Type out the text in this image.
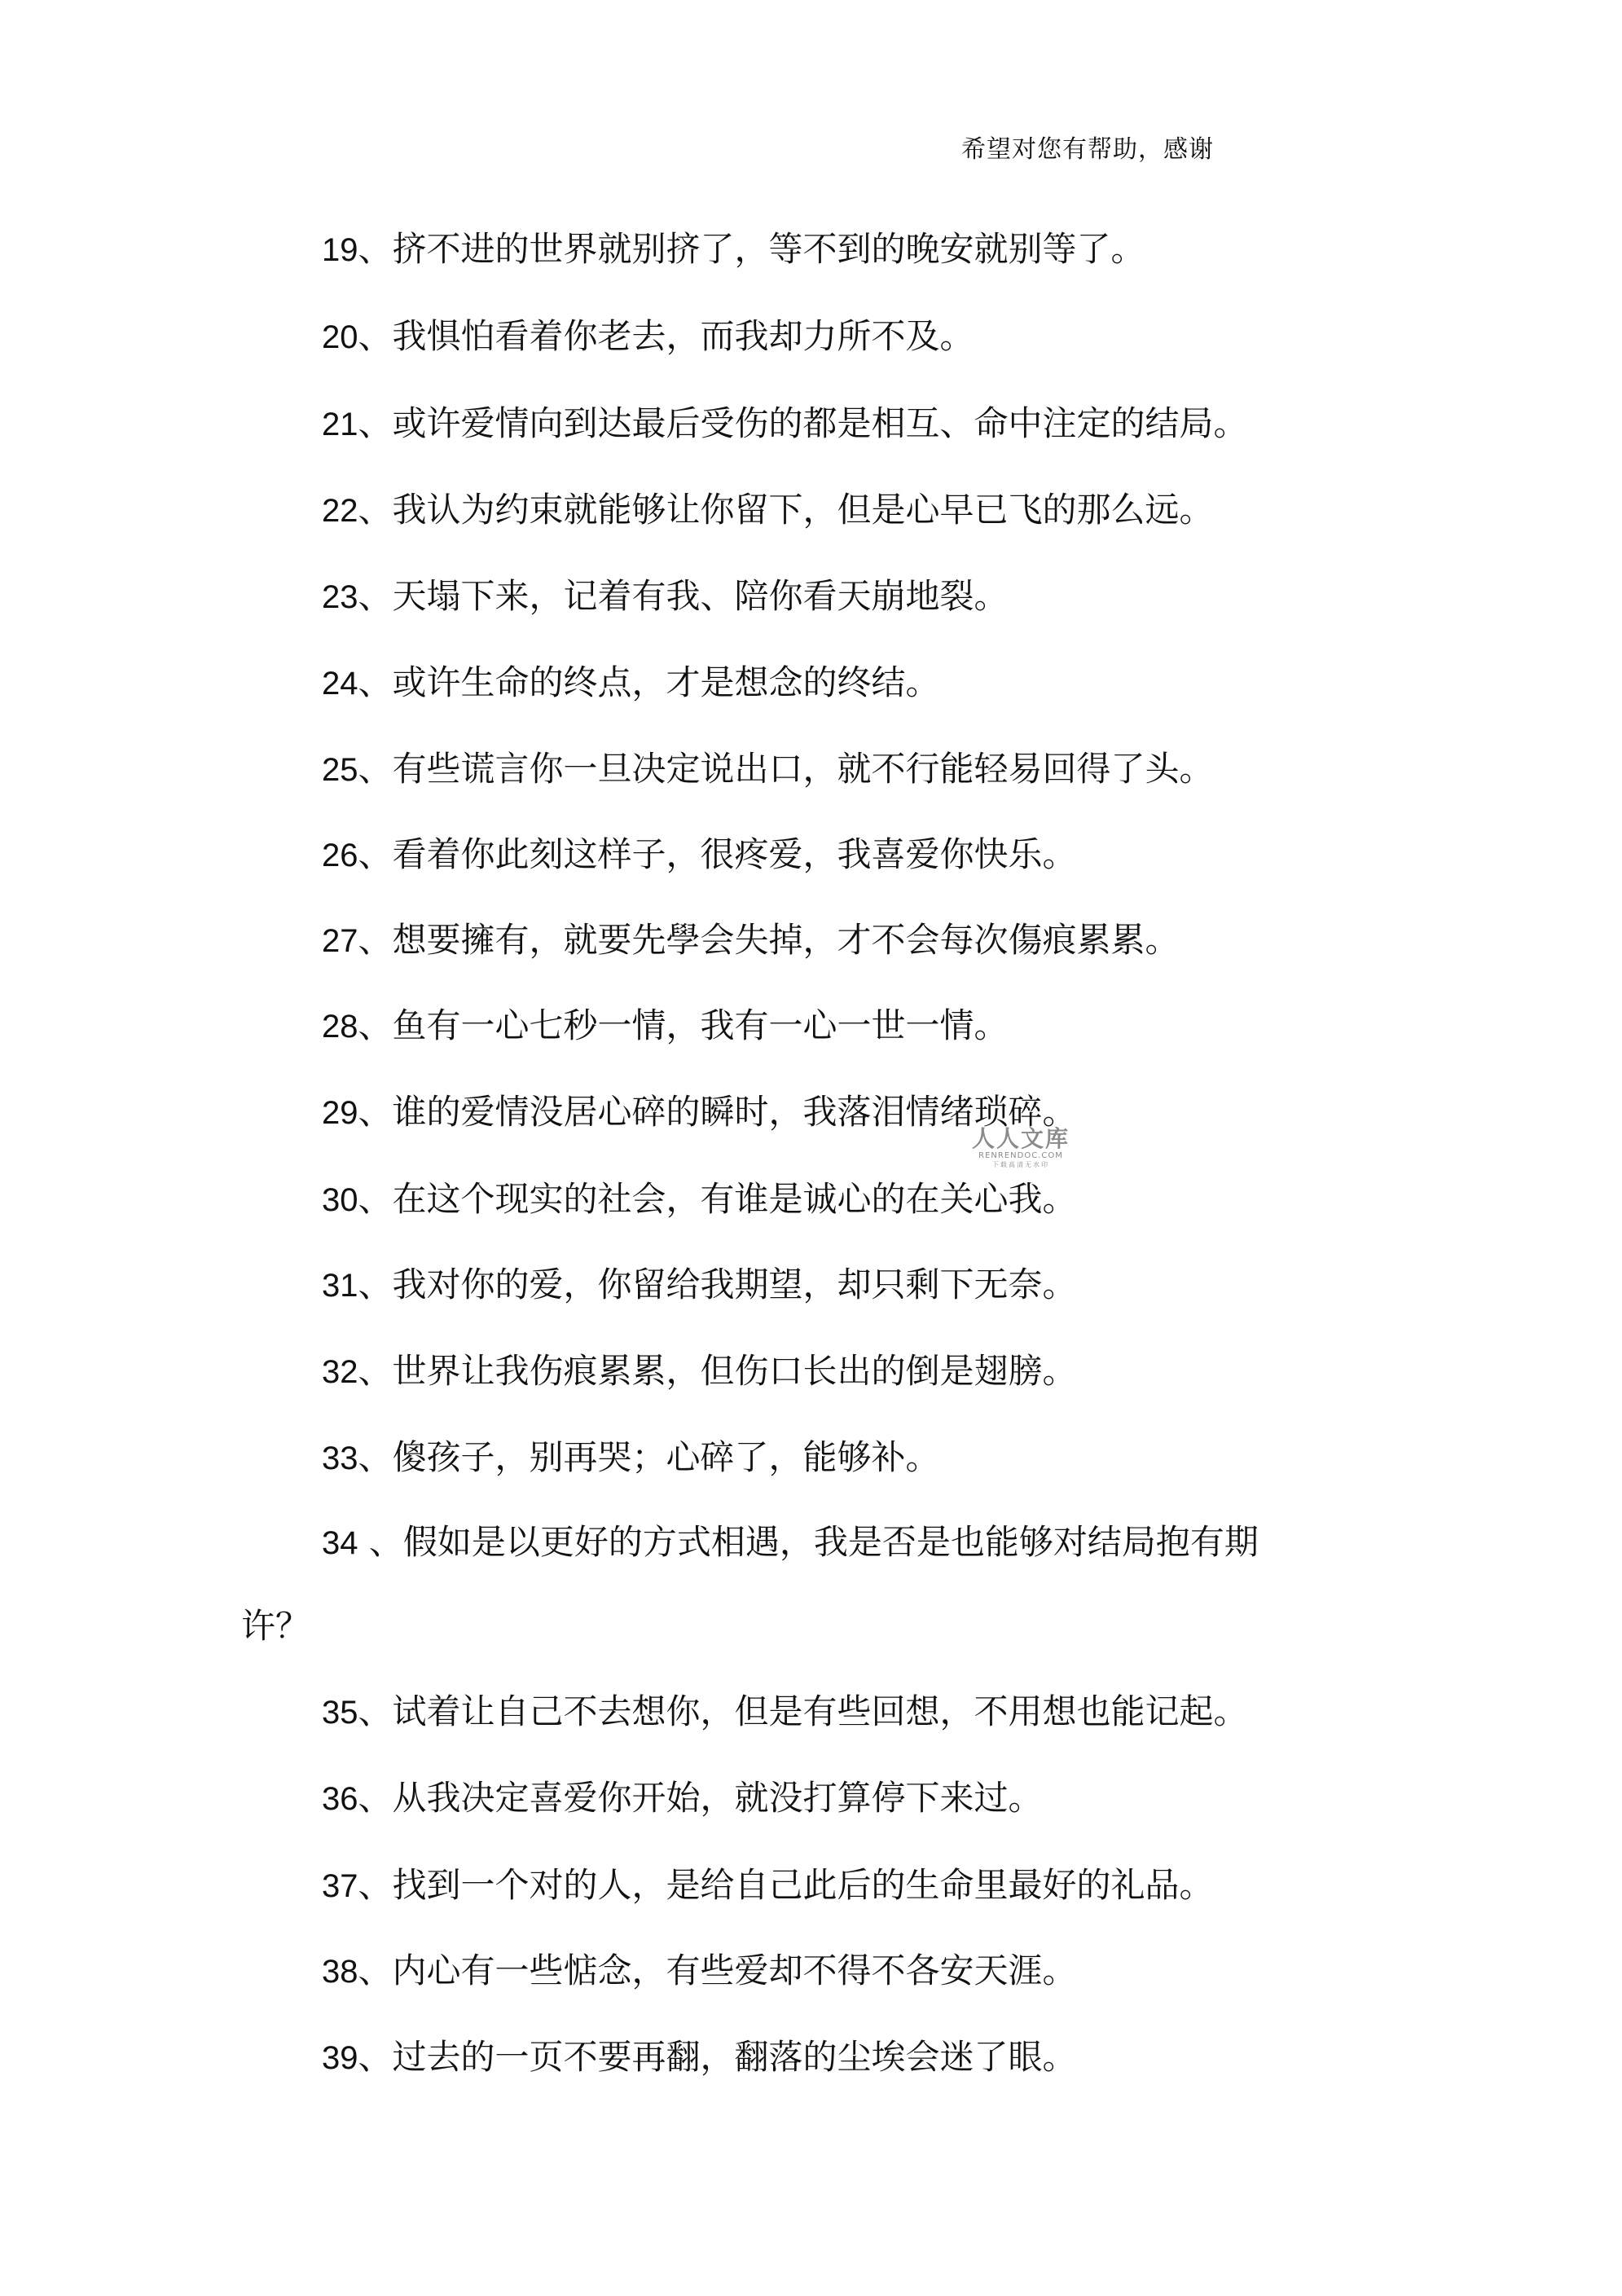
希望对您有帮助，感谢
19、挤不进的世界就别挤了，等不到的晚安就别等了。
20、我惧怕看着你老去，而我却力所不及。
21、或许爱情向到达最后受伤的都是相互、命中注定的结局。
22、我认为约束就能够让你留下，但是心早已飞的那么远。
23、天塌下来，记着有我、陪你看天崩地裂。
24、或许生命的终点，才是想念的终结。
25、有些谎言你一旦决定说出口，就不行能轻易回得了头。
26、看着你此刻这样子，很疼爱，我喜爱你快乐。
27、想要擁有，就要先學会失掉，才不会每次傷痕累累。
28、鱼有一心七秒一情，我有一心一世一情。
29、谁的爱情没居心碎的瞬时，我落泪情绪琐碎。
30、在这个现实的社会，有谁是诚心的在关心我。
31、我对你的爱，你留给我期望，却只剩下无奈。
32、世界让我伤痕累累，但伤口长出的倒是翅膀。
33、傻孩子，别再哭；心碎了，能够补。
34 、假如是以更好的方式相遇，我是否是也能够对结局抱有期
许？
35、试着让自己不去想你，但是有些回想，不用想也能记起。
36、从我决定喜爱你开始，就没打算停下来过。
37、找到一个对的人，是给自己此后的生命里最好的礼品。
38、内心有一些惦念，有些爱却不得不各安天涯。
39、过去的一页不要再翻，翻落的尘埃会迷了眼。
人人文库
RENRENDOC.COM
下载高清无水印
